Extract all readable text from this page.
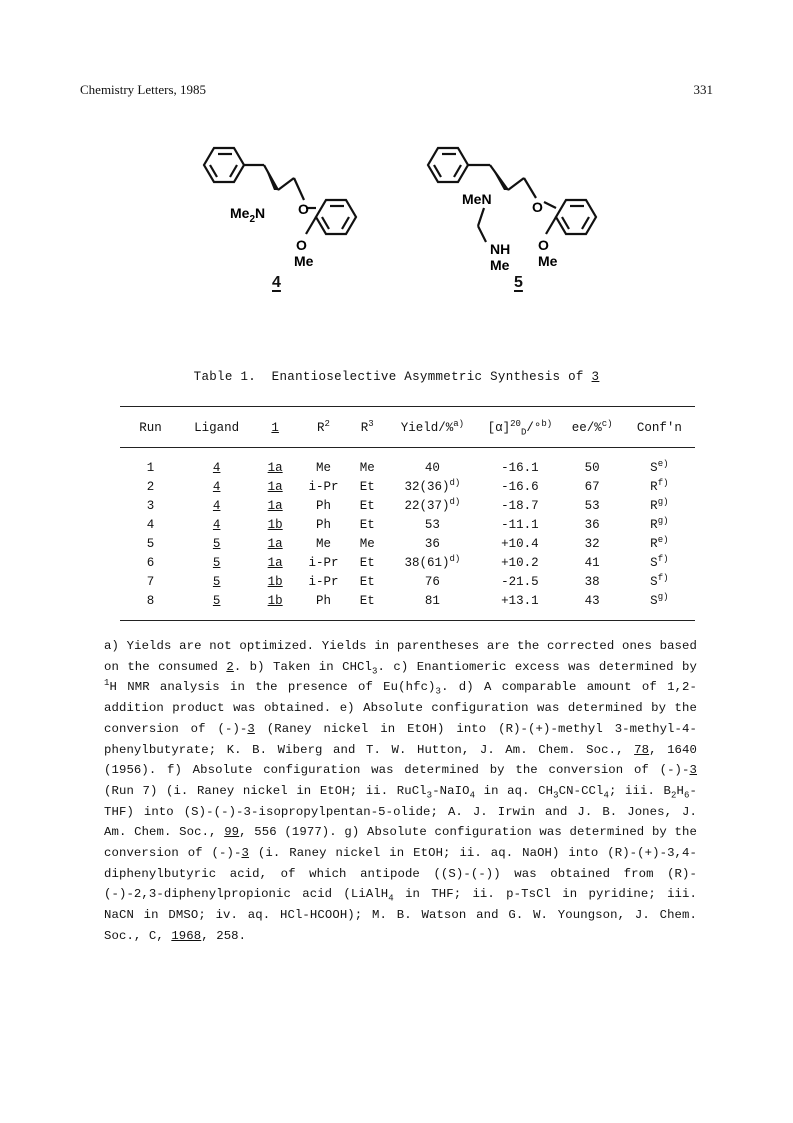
Chemistry Letters, 1985	331
$Me_2N$ O
O
Me
4
MeN	O
NH
Me
O
Me
5
Table 1. Enantioselective Asymmetric Synthesis of 3
Run	Ligand	1	$R^2$	$R^3$	Yield/%$^{a)}$	$[\alpha]^{20}_D/^\circ^{b)}$	ee/%$^{c)}$	Conf'n

1	4	1a	Me	Me	40	-16.1	50	$S^{e)}$
2	4	1a	i-Pr	Et	$32(36)^{d)}$	-16.6	67	$R^{f)}$
3	4	1a	Ph	Et	$22(37)^{d)}$	-18.7	53	$R^{g)}$
4	4	1b	Ph	Et	53	-11.1	36	$R^{g)}$
5	5	1a	Me	Me	36	+10.4	32	$R^{e)}$
6	5	1a	i-Pr	Et	$38(61)^{d)}$	+10.2	41	$S^{f)}$
7	5	1b	i-Pr	Et	76	-21.5	38	$S^{f)}$
8	5	1b	Ph	Et	81	+13.1	43	$S^{g)}$

a) Yields are not optimized. Yields in parentheses are the corrected ones based on the consumed 2. b) Taken in CHCl$_3$. c) Enantiomeric excess was determined by $^1$H NMR analysis in the presence of $Eu(hfc)_3$. d) A comparable amount of 1,2-addition product was obtained. e) Absolute configuration was determined by the conversion of (-)-3 (Raney nickel in EtOH) into (R)-(+)-methyl 3-methyl-4-phenylbutyrate; K. B. Wiberg and T. W. Hutton, J. Am. Chem. Soc., 78, 1640 (1956). f) Absolute configuration was determined by the conversion of (-)-3 (Run 7) (i. Raney nickel in EtOH; ii. RuCl$_3$-NaIO$_4$ in aq. $CH_3CN-CCl_4$; iii. $B_2H_6-THF$) into (S)-(-)-3-isopropylpentan-5-olide; A. J. Irwin and J. B. Jones, J. Am. Chem. Soc., 99, 556 (1977). g) Absolute configuration was determined by the conversion of (-)-3 (i. Raney nickel in EtOH; ii. aq. NaOH) into (R)-(+)-3,4-diphenylbutyric acid, of which antipode ((S)-(-)) was obtained from (R)-(-)-2,3-diphenylpropionic acid (LiAlH$_4$ in THF; ii. p-TsCl in pyridine; iii. NaCN in DMSO; iv. aq. HCl-HCOOH); M. B. Watson and G. W. Youngson, J. Chem. Soc., C, 1968, 258.
